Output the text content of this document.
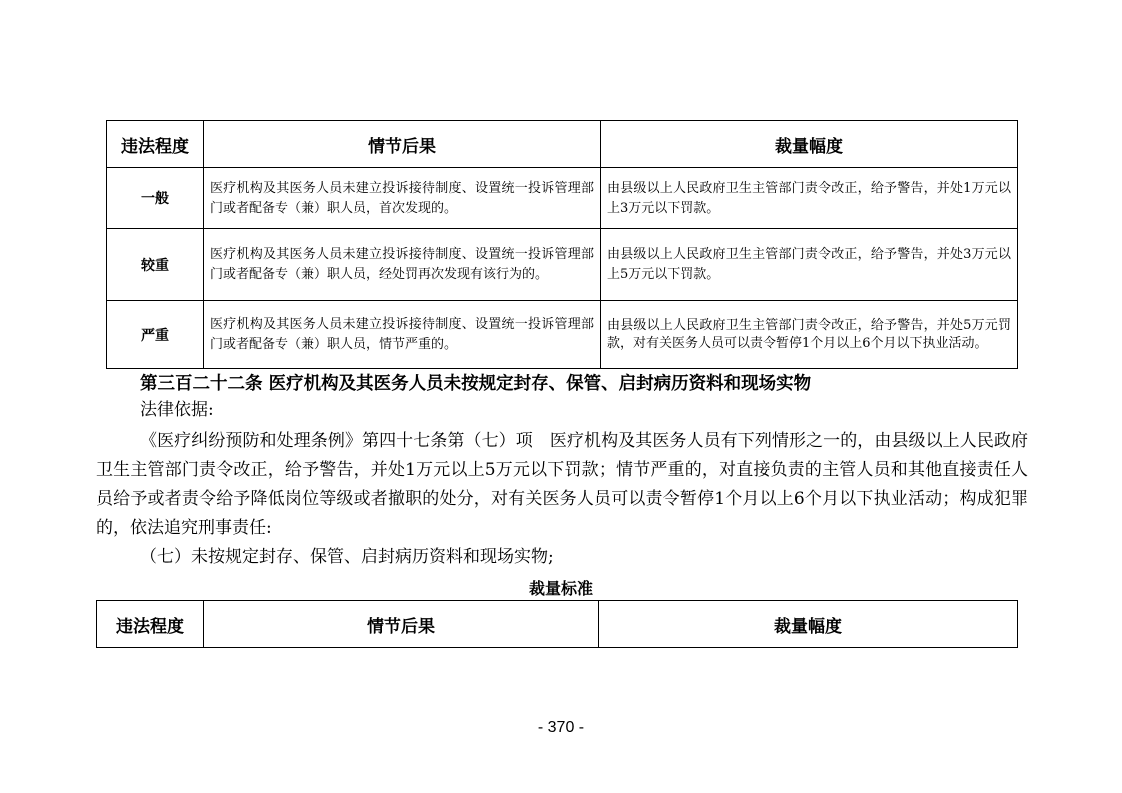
违法程度	情节后果	裁量幅度
一般	医疗机构及其医务人员未建立投诉接待制度、设置统一投诉管理部门或者配备专（兼）职人员，首次发现的。	由县级以上人民政府卫生主管部门责令改正，给予警告，并处1万元以上3万元以下罚款。
较重	医疗机构及其医务人员未建立投诉接待制度、设置统一投诉管理部门或者配备专（兼）职人员，经处罚再次发现有该行为的。	由县级以上人民政府卫生主管部门责令改正，给予警告，并处3万元以上5万元以下罚款。
严重	医疗机构及其医务人员未建立投诉接待制度、设置统一投诉管理部门或者配备专（兼）职人员，情节严重的。	由县级以上人民政府卫生主管部门责令改正，给予警告，并处5万元罚款，对有关医务人员可以责令暂停1个月以上6个月以下执业活动。
第三百二十二条 医疗机构及其医务人员未按规定封存、保管、启封病历资料和现场实物
法律依据:
《医疗纠纷预防和处理条例》第四十七条第（七）项　医疗机构及其医务人员有下列情形之一的，由县级以上人民政府卫生主管部门责令改正，给予警告，并处1万元以上5万元以下罚款；情节严重的，对直接负责的主管人员和其他直接责任人员给予或者责令给予降低岗位等级或者撤职的处分，对有关医务人员可以责令暂停1个月以上6个月以下执业活动；构成犯罪的，依法追究刑事责任:
（七）未按规定封存、保管、启封病历资料和现场实物;
裁量标准
违法程度	情节后果	裁量幅度
- 370 -
